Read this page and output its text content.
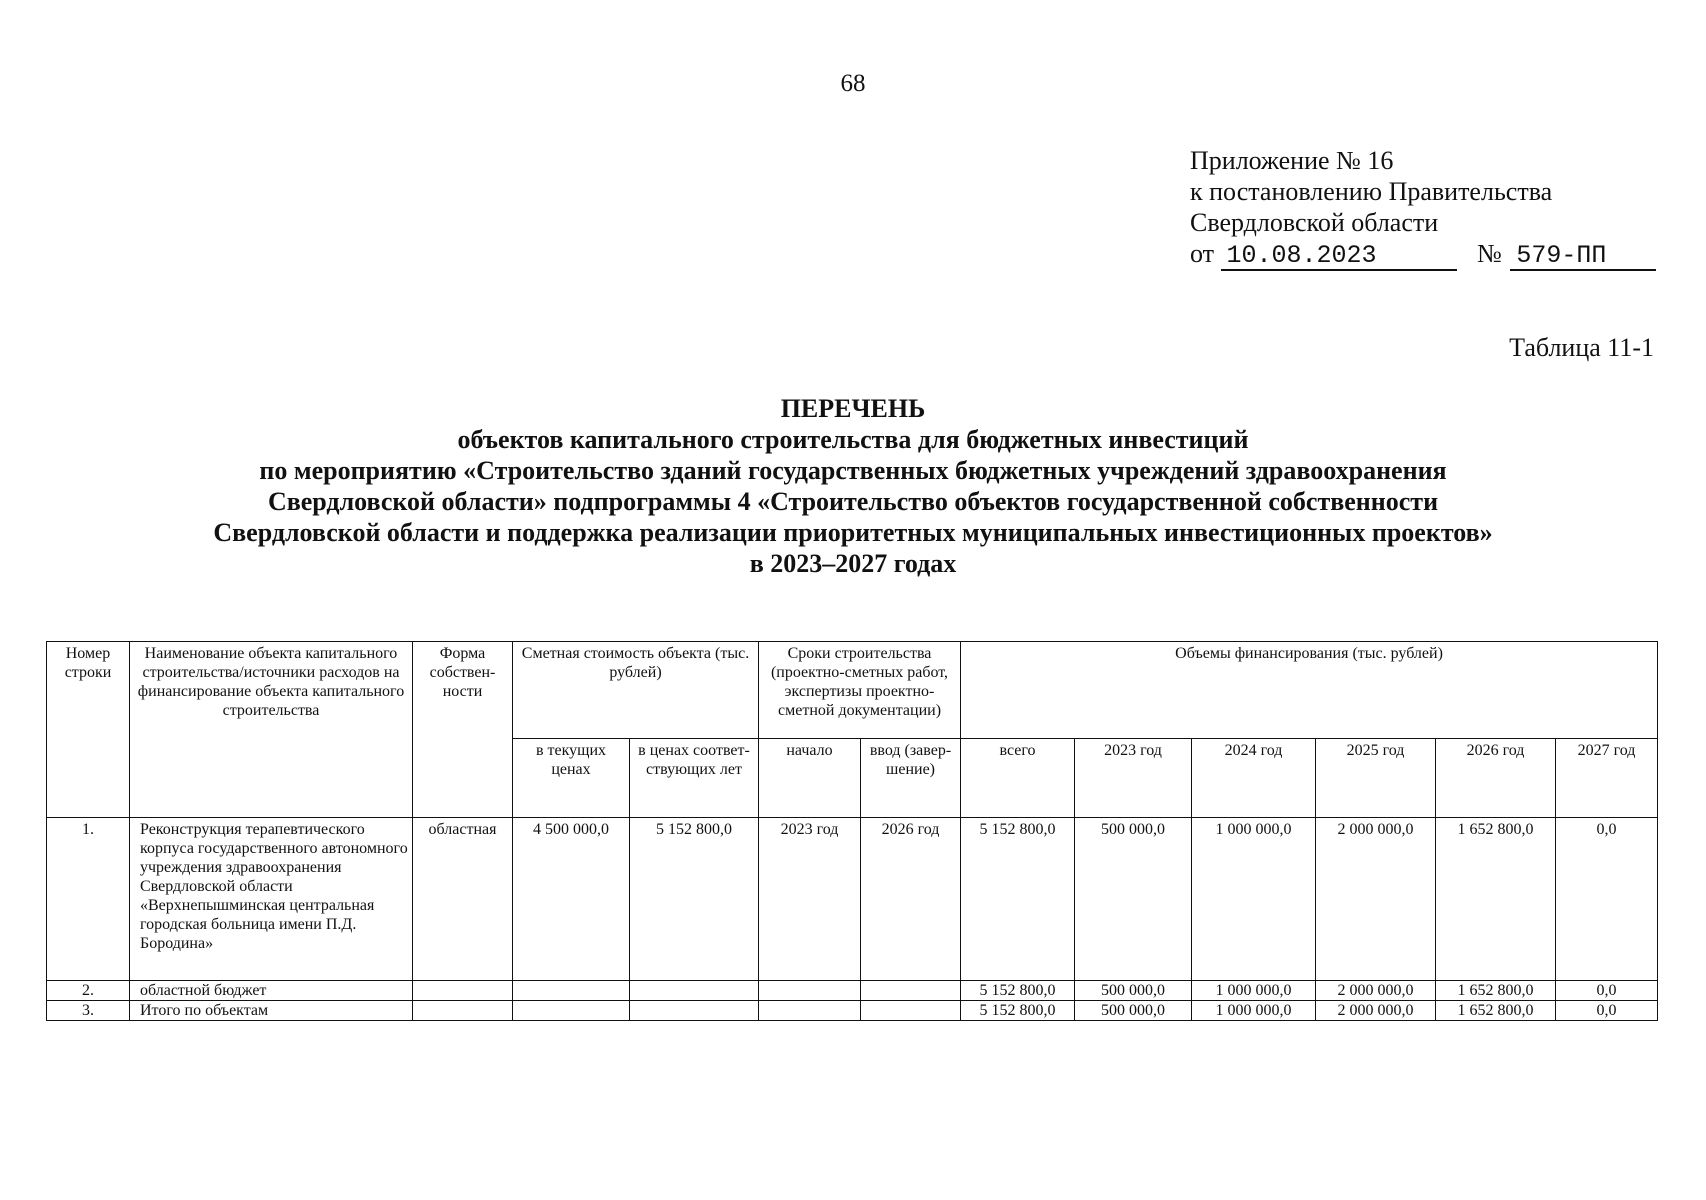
68
Приложение № 16
к постановлению Правительства
Свердловской области
от 10.08.2023	№ 579-ПП
Таблица 11-1
ПЕРЕЧЕНЬ
объектов капитального строительства для бюджетных инвестиций
по мероприятию «Строительство зданий государственных бюджетных учреждений здравоохранения
Свердловской области» подпрограммы 4 «Строительство объектов государственной собственности
Свердловской области и поддержка реализации приоритетных муниципальных инвестиционных проектов»
в 2023–2027 годах
Номер строки	Наименование объекта капитального строительства/источники расходов на финансирование объекта капитального строительства	Форма собствен-ности	Сметная стоимость объекта (тыс. рублей)		Сроки строительства (проектно-сметных работ, экспертизы проектно-сметной документации)		Объемы финансирования (тыс. рублей)					
			в текущих ценах	в ценах соответ-ствующих лет	начало	ввод (завер-шение)	всего	2023 год	2024 год	2025 год	2026 год	2027 год
1.	Реконструкция терапевтического корпуса государственного автономного учреждения здравоохранения Свердловской области «Верхнепышминская центральная городская больница имени П.Д. Бородина»	областная	4 500 000,0	5 152 800,0	2023 год	2026 год	5 152 800,0	500 000,0	1 000 000,0	2 000 000,0	1 652 800,0	0,0
2.	областной бюджет						5 152 800,0	500 000,0	1 000 000,0	2 000 000,0	1 652 800,0	0,0
3.	Итого по объектам						5 152 800,0	500 000,0	1 000 000,0	2 000 000,0	1 652 800,0	0,0
